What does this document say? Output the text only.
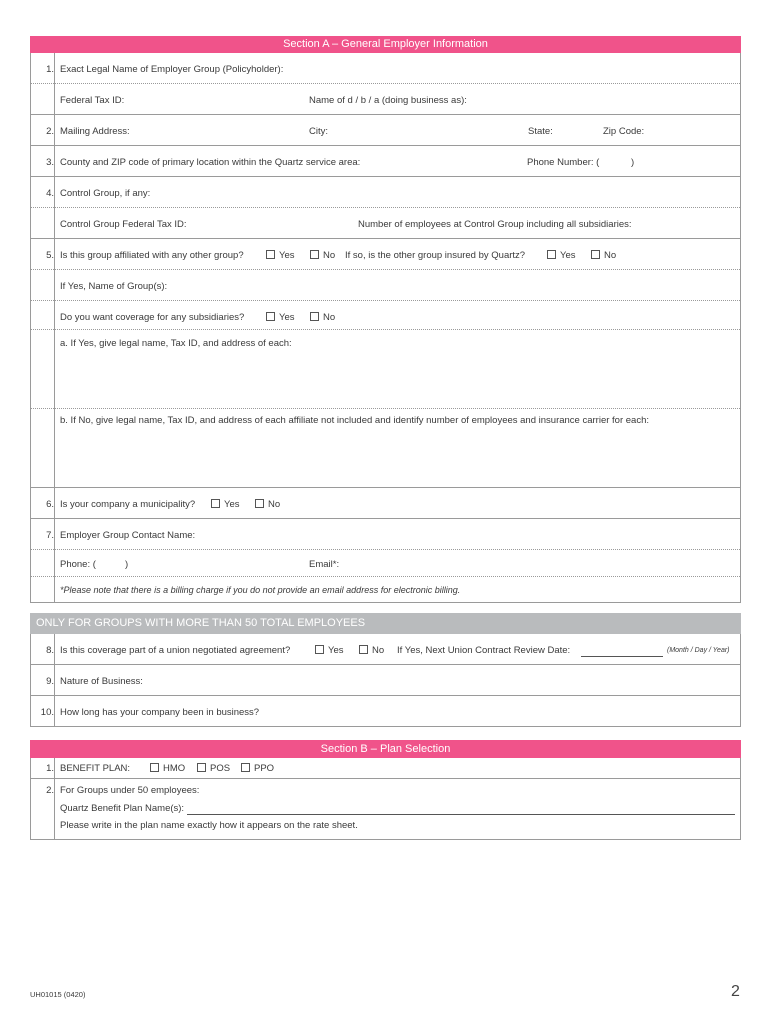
Section A – General Employer Information
1. Exact Legal Name of Employer Group (Policyholder):
Federal Tax ID:	Name of d / b / a (doing business as):
2. Mailing Address:	City:	State:	Zip Code:
3. County and ZIP code of primary location within the Quartz service area:	Phone Number: (	)
4. Control Group, if any:
Control Group Federal Tax ID:	Number of employees at Control Group including all subsidiaries:
5. Is this group affiliated with any other group?	Yes	No If so, is the other group insured by Quartz?	Yes	No
If Yes, Name of Group(s):
Do you want coverage for any subsidiaries?	Yes	No
a. If Yes, give legal name, Tax ID, and address of each:
b. If No, give legal name, Tax ID, and address of each affiliate not included and identify number of employees and insurance carrier for each:
6. Is your company a municipality?	Yes	No
7. Employer Group Contact Name:
Phone: (	)	Email*:
*Please note that there is a billing charge if you do not provide an email address for electronic billing.
ONLY FOR GROUPS WITH MORE THAN 50 TOTAL EMPLOYEES
8. Is this coverage part of a union negotiated agreement?	Yes	No If Yes, Next Union Contract Review Date:	(Month / Day / Year)
9. Nature of Business:
10. How long has your company been in business?
Section B – Plan Selection
1. BENEFIT PLAN:	HMO	POS	PPO
2. For Groups under 50 employees:
Quartz Benefit Plan Name(s):
Please write in the plan name exactly how it appears on the rate sheet.
UH01015 (0420)	2
